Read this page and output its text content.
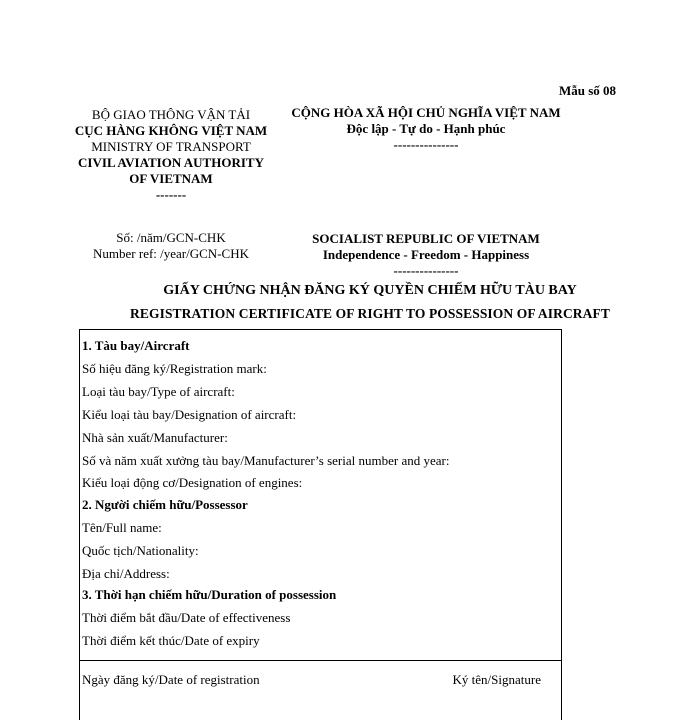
Mẫu số 08
BỘ GIAO THÔNG VẬN TẢI
CỤC HÀNG KHÔNG VIỆT NAM
MINISTRY OF TRANSPORT
CIVIL AVIATION AUTHORITY OF VIETNAM
-------
CỘNG HÒA XÃ HỘI CHỦ NGHĨA VIỆT NAM
Độc lập - Tự do - Hạnh phúc
---------------
Số: /năm/GCN-CHK
Number ref: /year/GCN-CHK
SOCIALIST REPUBLIC OF VIETNAM
Independence - Freedom - Happiness
---------------
GIẤY CHỨNG NHẬN ĐĂNG KÝ QUYỀN CHIẾM HỮU TÀU BAY
REGISTRATION CERTIFICATE OF RIGHT TO POSSESSION OF AIRCRAFT
1. Tàu bay/Aircraft
Số hiệu đăng ký/Registration mark:
Loại tàu bay/Type of aircraft:
Kiểu loại tàu bay/Designation of aircraft:
Nhà sản xuất/Manufacturer:
Số và năm xuất xưởng tàu bay/Manufacturer’s serial number and year:
Kiểu loại động cơ/Designation of engines:
2. Người chiếm hữu/Possessor
Tên/Full name:
Quốc tịch/Nationality:
Địa chỉ/Address:
3. Thời hạn chiếm hữu/Duration of possession
Thời điểm bắt đầu/Date of effectiveness
Thời điểm kết thúc/Date of expiry
Ngày đăng ký/Date of registration	Ký tên/Signature
